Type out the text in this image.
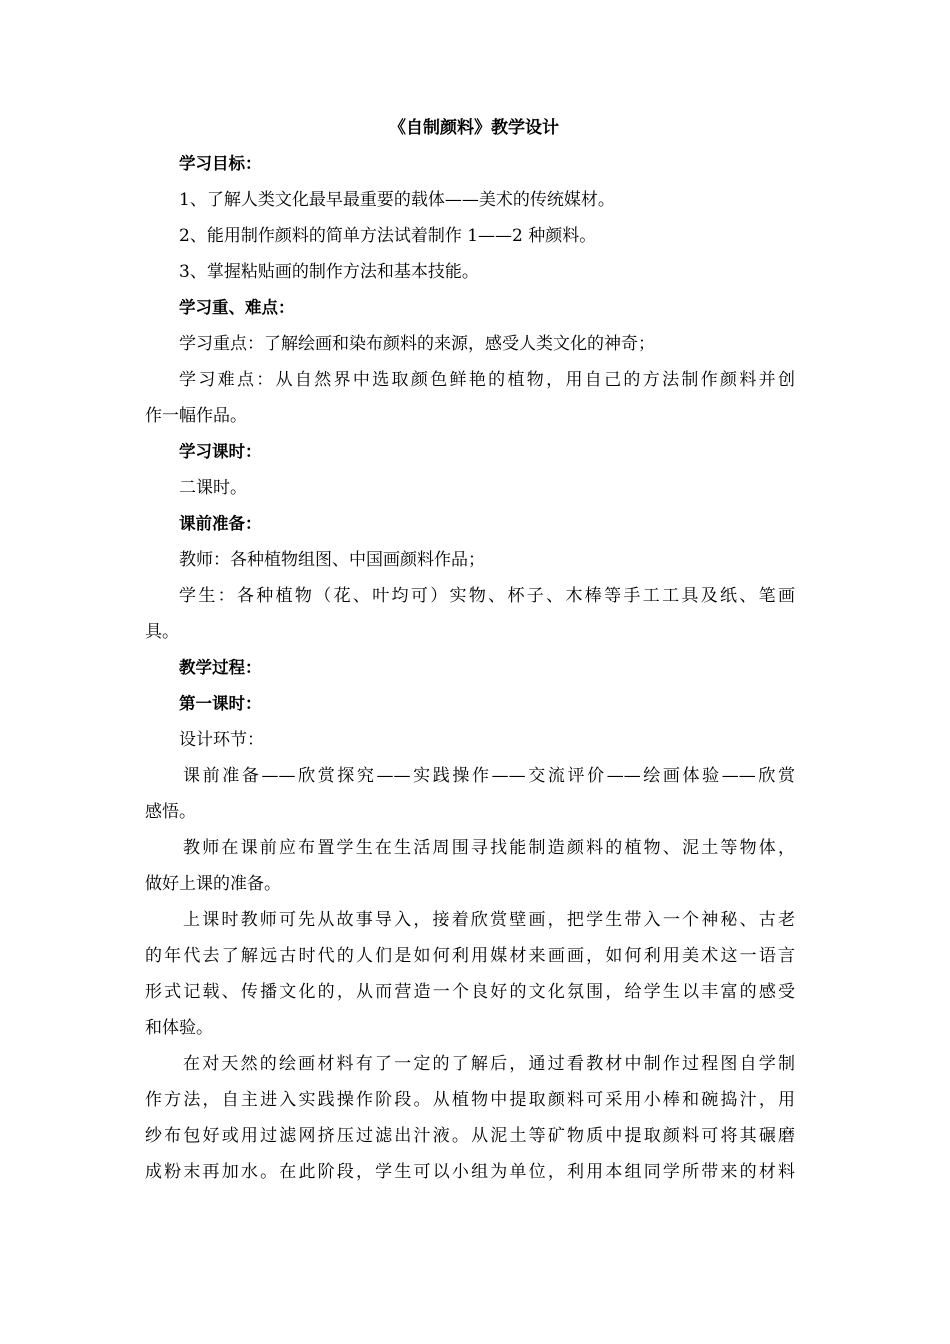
《自制颜料》教学设计

学习目标：

1、了解人类文化最早最重要的载体——美术的传统媒材。

2、能用制作颜料的简单方法试着制作 1——2 种颜料。

3、掌握粘贴画的制作方法和基本技能。

学习重、难点：

学习重点：了解绘画和染布颜料的来源，感受人类文化的神奇；

学习难点：从自然界中选取颜色鲜艳的植物，用自己的方法制作颜料并创

作一幅作品。

学习课时：

二课时。

课前准备：

教师：各种植物组图、中国画颜料作品；

学生：各种植物（花、叶均可）实物、杯子、木棒等手工工具及纸、笔画

具。

教学过程：

第一课时：

设计环节：

课前准备——欣赏探究——实践操作——交流评价——绘画体验——欣赏

感悟。

教师在课前应布置学生在生活周围寻找能制造颜料的植物、泥土等物体，

做好上课的准备。

上课时教师可先从故事导入，接着欣赏壁画，把学生带入一个神秘、古老

的年代去了解远古时代的人们是如何利用媒材来画画，如何利用美术这一语言

形式记载、传播文化的，从而营造一个良好的文化氛围，给学生以丰富的感受

和体验。

在对天然的绘画材料有了一定的了解后，通过看教材中制作过程图自学制

作方法，自主进入实践操作阶段。从植物中提取颜料可采用小棒和碗捣汁，用

纱布包好或用过滤网挤压过滤出汁液。从泥土等矿物质中提取颜料可将其碾磨

成粉末再加水。在此阶段，学生可以小组为单位，利用本组同学所带来的材料
